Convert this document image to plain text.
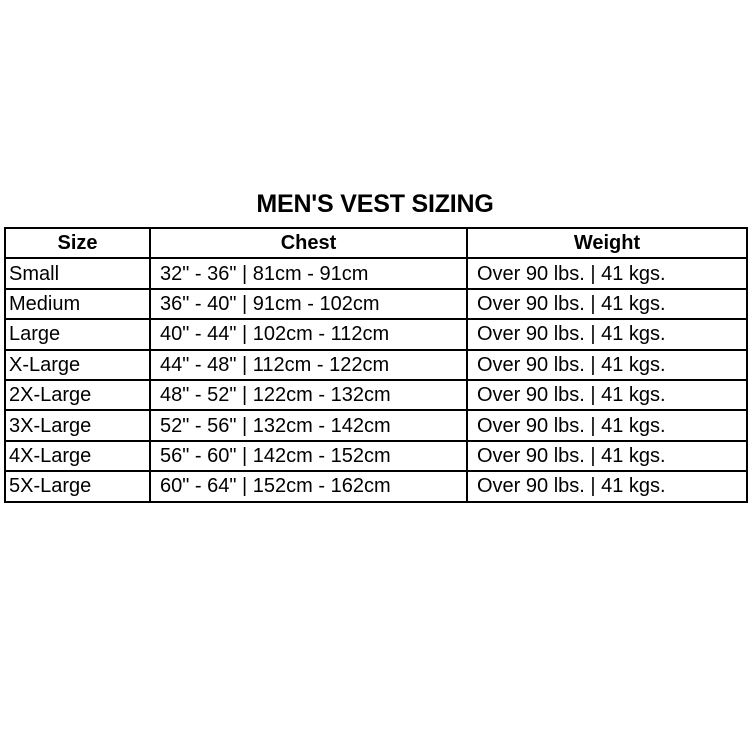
MEN'S VEST SIZING
Size	Chest	Weight
Small	32" - 36" | 81cm - 91cm	Over 90 lbs. | 41 kgs.
Medium	36" - 40" | 91cm - 102cm	Over 90 lbs. | 41 kgs.
Large	40" - 44" | 102cm - 112cm	Over 90 lbs. | 41 kgs.
X-Large	44" - 48" | 112cm - 122cm	Over 90 lbs. | 41 kgs.
2X-Large	48" - 52" | 122cm - 132cm	Over 90 lbs. | 41 kgs.
3X-Large	52" - 56" | 132cm - 142cm	Over 90 lbs. | 41 kgs.
4X-Large	56" - 60" | 142cm - 152cm	Over 90 lbs. | 41 kgs.
5X-Large	60" - 64" | 152cm - 162cm	Over 90 lbs. | 41 kgs.
